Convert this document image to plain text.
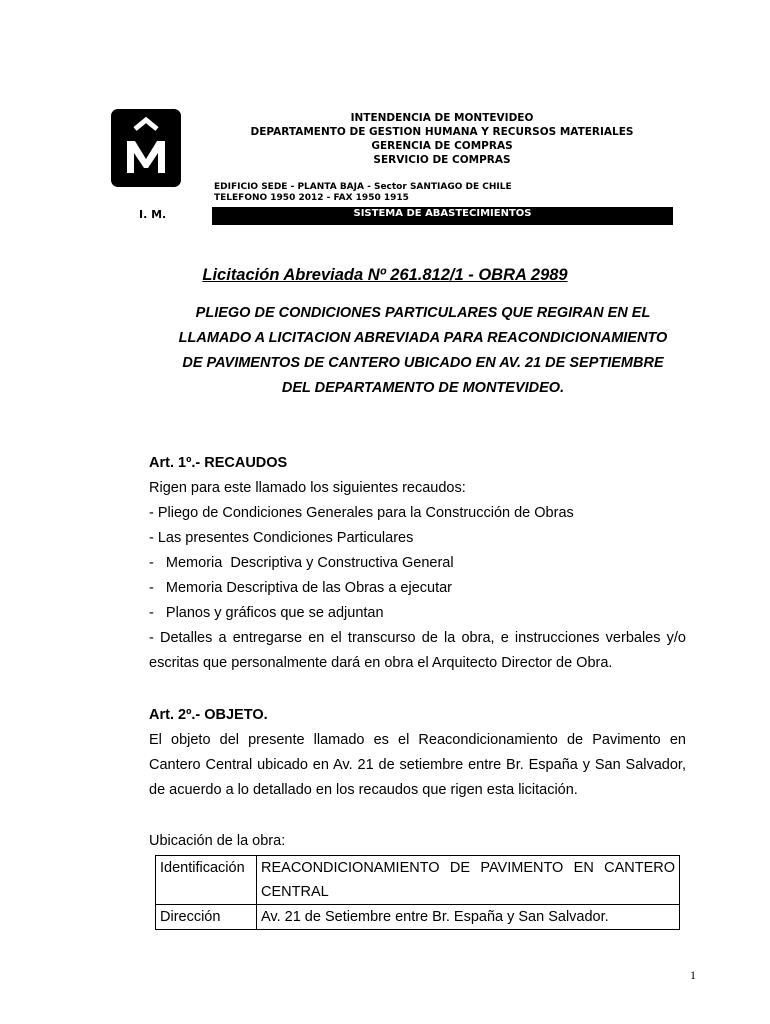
I. M.
INTENDENCIA DE MONTEVIDEO
DEPARTAMENTO DE GESTION HUMANA Y RECURSOS MATERIALES
GERENCIA DE COMPRAS
SERVICIO DE COMPRAS
EDIFICIO SEDE - PLANTA BAJA - Sector SANTIAGO DE CHILE
TELEFONO 1950 2012 - FAX 1950 1915
SISTEMA DE ABASTECIMIENTOS
Licitación Abreviada Nº 261.812/1 - OBRA 2989
PLIEGO DE CONDICIONES PARTICULARES QUE REGIRAN EN EL
LLAMADO A LICITACION ABREVIADA PARA REACONDICIONAMIENTO
DE PAVIMENTOS DE CANTERO UBICADO EN AV. 21 DE SEPTIEMBRE
DEL DEPARTAMENTO DE MONTEVIDEO.
Art. 1º.- RECAUDOS
Rigen para este llamado los siguientes recaudos:
- Pliego de Condiciones Generales para la Construcción de Obras
- Las presentes Condiciones Particulares
-   Memoria  Descriptiva y Constructiva General
-   Memoria Descriptiva de las Obras a ejecutar
-   Planos y gráficos que se adjuntan
- Detalles a entregarse en el transcurso de la obra, e instrucciones verbales y/o escritas que personalmente dará en obra el Arquitecto Director de Obra.
Art. 2º.- OBJETO.
El objeto del presente llamado es el Reacondicionamiento de Pavimento en Cantero Central ubicado en Av. 21 de setiembre entre Br. España y San Salvador, de acuerdo a lo detallado en los recaudos que rigen esta licitación.
Ubicación de la obra:
Identificación	REACONDICIONAMIENTO DE PAVIMENTO EN CANTERO CENTRAL
Dirección	Av. 21 de Setiembre entre Br. España y San Salvador.
1
